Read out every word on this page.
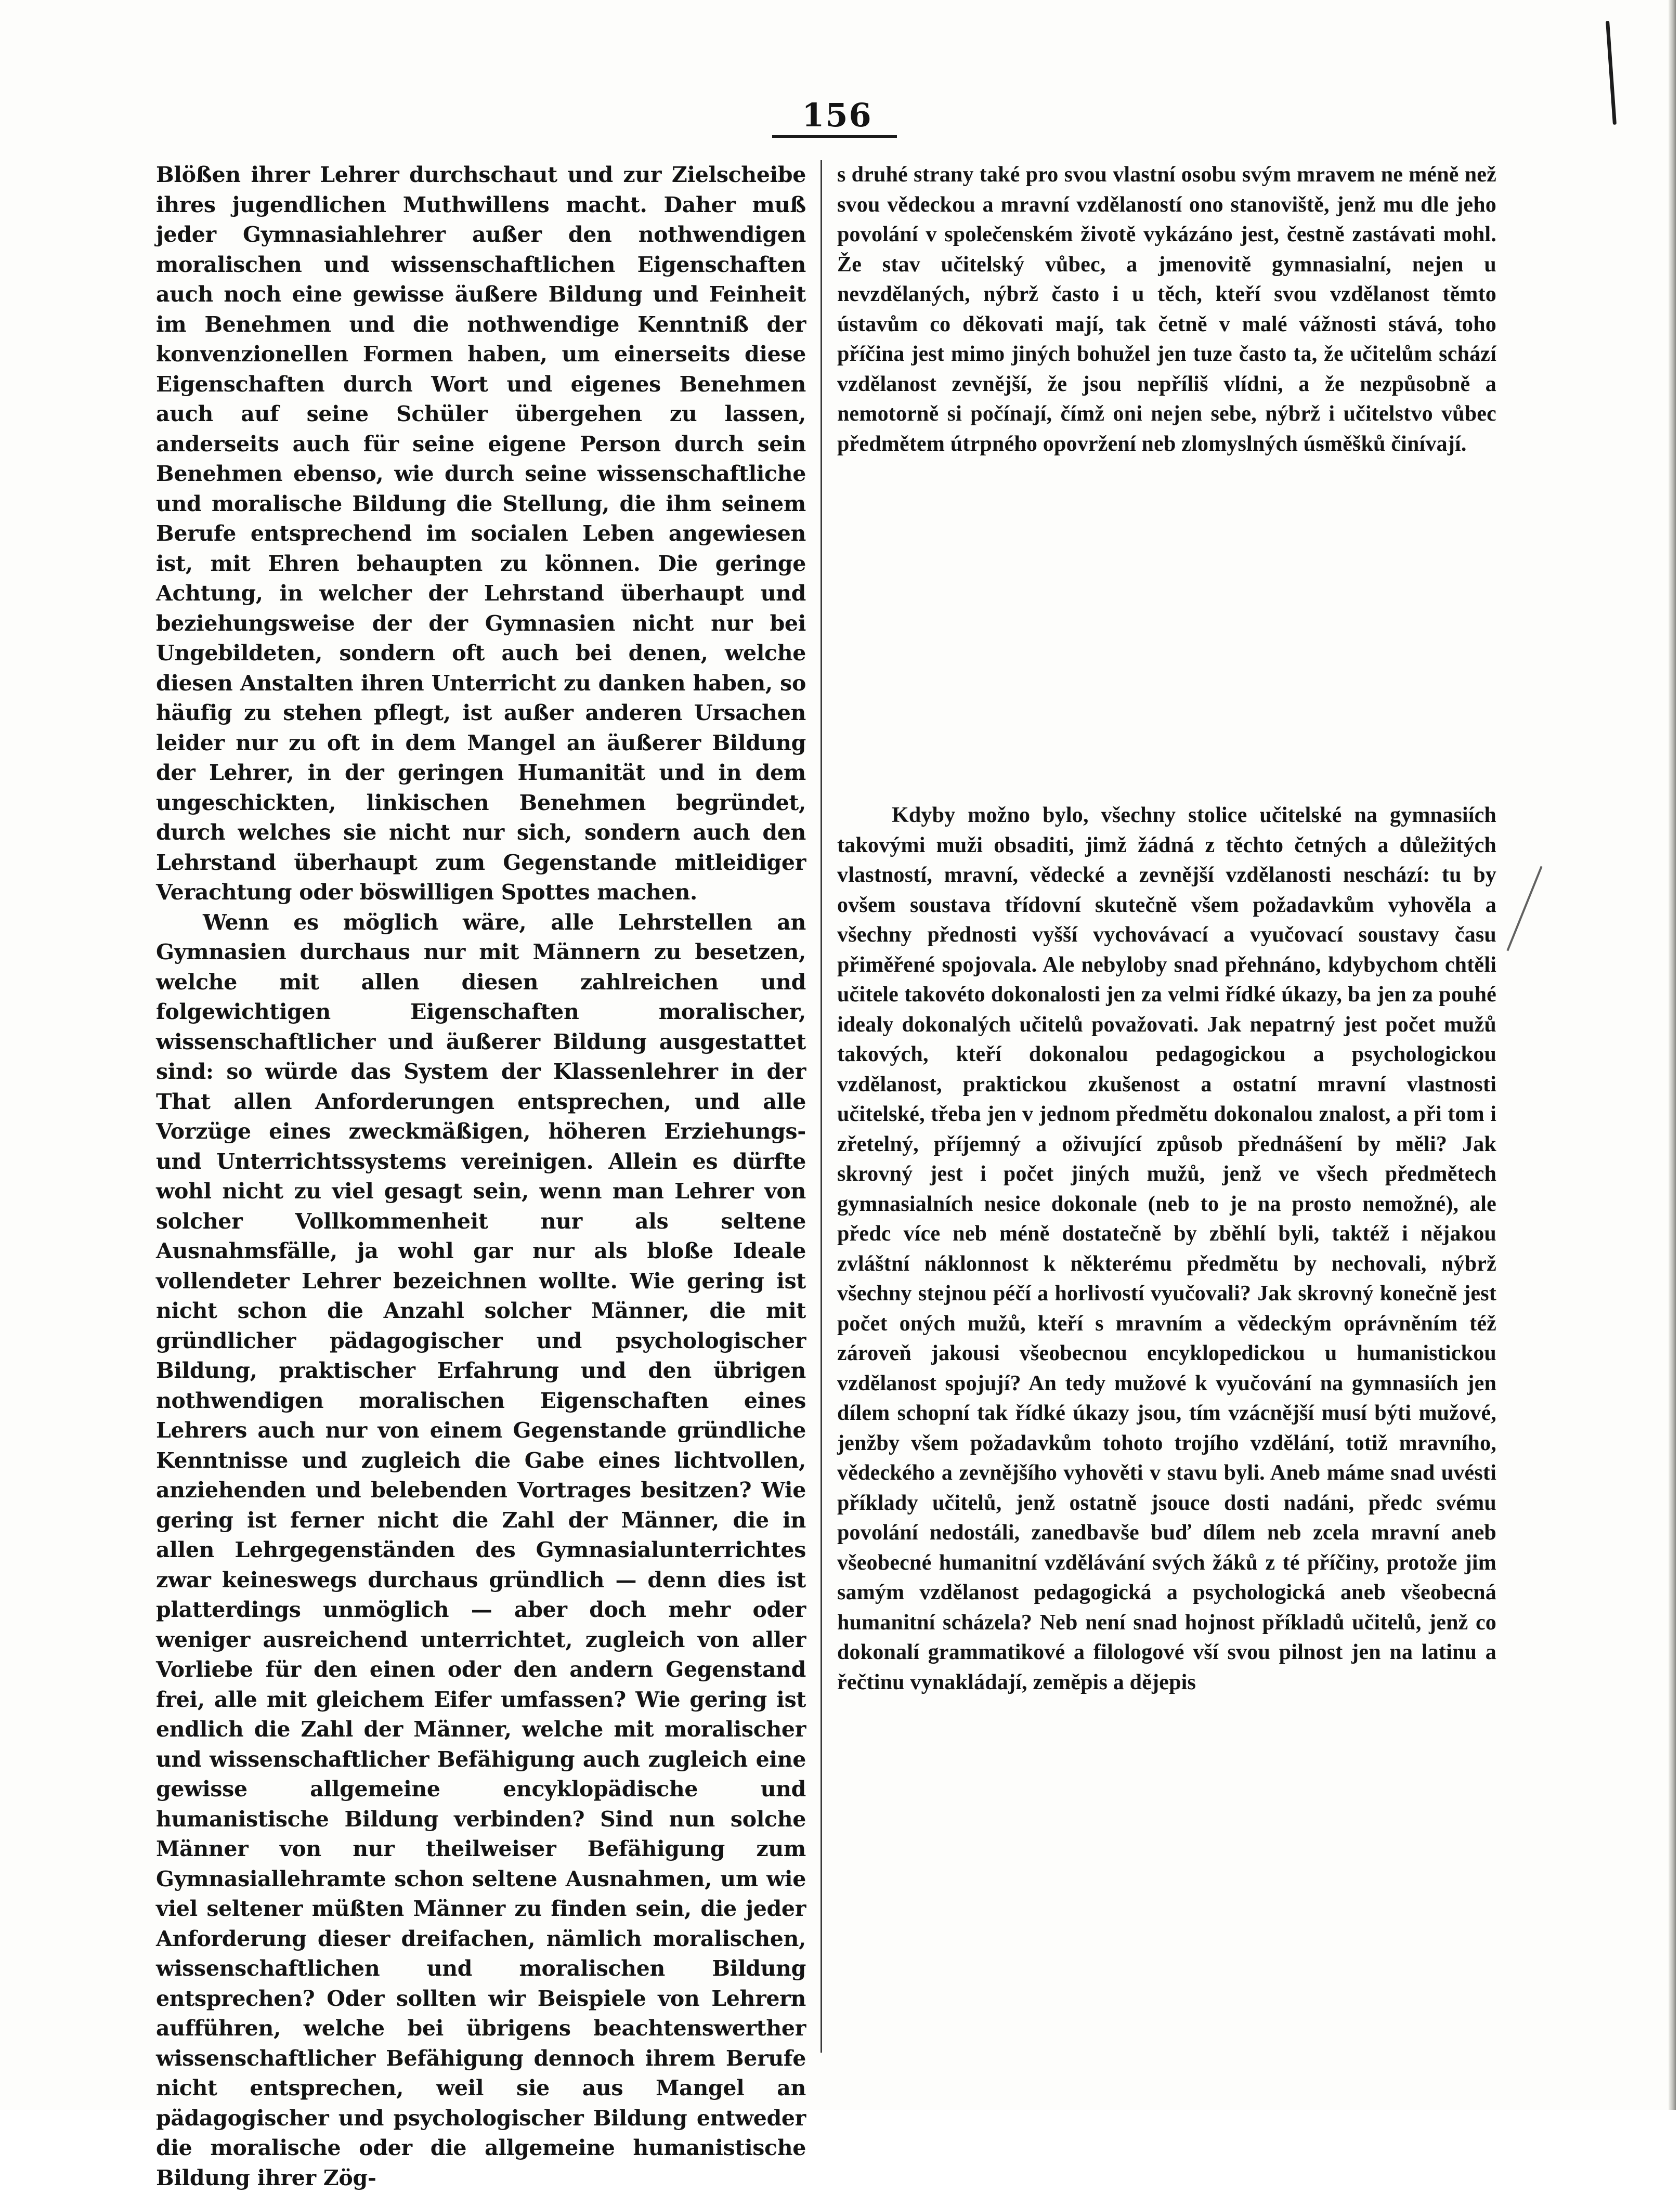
156

Blößen ihrer Lehrer durchschaut und zur Zielscheibe ihres jugendlichen Muthwillens macht. Daher muß jeder Gymnasiahlehrer außer den nothwendigen moralischen und wissenschaftlichen Eigenschaften auch noch eine gewisse äußere Bildung und Feinheit im Benehmen und die nothwendige Kenntniß der konvenzionellen Formen haben, um einerseits diese Eigenschaften durch Wort und eigenes Benehmen auch auf seine Schüler übergehen zu lassen, anderseits auch für seine eigene Person durch sein Benehmen ebenso, wie durch seine wissenschaftliche und moralische Bildung die Stellung, die ihm seinem Berufe entsprechend im socialen Leben angewiesen ist, mit Ehren behaupten zu können. Die geringe Achtung, in welcher der Lehrstand überhaupt und beziehungsweise der der Gymnasien nicht nur bei Ungebildeten, sondern oft auch bei denen, welche diesen Anstalten ihren Unterricht zu danken haben, so häufig zu stehen pflegt, ist außer anderen Ursachen leider nur zu oft in dem Mangel an äußerer Bildung der Lehrer, in der geringen Humanität und in dem ungeschickten, linkischen Benehmen begründet, durch welches sie nicht nur sich, sondern auch den Lehrstand überhaupt zum Gegenstande mitleidiger Verachtung oder böswilligen Spottes machen.

Wenn es möglich wäre, alle Lehrstellen an Gymnasien durchaus nur mit Männern zu besetzen, welche mit allen diesen zahlreichen und folgewichtigen Eigenschaften moralischer, wissenschaftlicher und äußerer Bildung ausgestattet sind: so würde das System der Klassenlehrer in der That allen Anforderungen entsprechen, und alle Vorzüge eines zweckmäßigen, höheren Erziehungs- und Unterrichtssystems vereinigen. Allein es dürfte wohl nicht zu viel gesagt sein, wenn man Lehrer von solcher Vollkommenheit nur als seltene Ausnahmsfälle, ja wohl gar nur als bloße Ideale vollendeter Lehrer bezeichnen wollte. Wie gering ist nicht schon die Anzahl solcher Männer, die mit gründlicher pädagogischer und psychologischer Bildung, praktischer Erfahrung und den übrigen nothwendigen moralischen Eigenschaften eines Lehrers auch nur von einem Gegenstande gründliche Kenntnisse und zugleich die Gabe eines lichtvollen, anziehenden und belebenden Vortrages besitzen? Wie gering ist ferner nicht die Zahl der Männer, die in allen Lehrgegenständen des Gymnasialunterrichtes zwar keineswegs durchaus gründlich — denn dies ist platterdings unmöglich — aber doch mehr oder weniger ausreichend unterrichtet, zugleich von aller Vorliebe für den einen oder den andern Gegenstand frei, alle mit gleichem Eifer umfassen? Wie gering ist endlich die Zahl der Männer, welche mit moralischer und wissenschaftlicher Befähigung auch zugleich eine gewisse allgemeine encyklopädische und humanistische Bildung verbinden? Sind nun solche Männer von nur theilweiser Befähigung zum Gymnasiallehramte schon seltene Ausnahmen, um wie viel seltener müßten Männer zu finden sein, die jeder Anforderung dieser dreifachen, nämlich moralischen, wissenschaftlichen und moralischen Bildung entsprechen? Oder sollten wir Beispiele von Lehrern aufführen, welche bei übrigens beachtenswerther wissenschaftlicher Befähigung dennoch ihrem Berufe nicht entsprechen, weil sie aus Mangel an pädagogischer und psychologischer Bildung entweder die moralische oder die allgemeine humanistische Bildung ihrer Zög-

s druhé strany také pro svou vlastní osobu svým mravem ne méně než svou vědeckou a mravní vzdělaností ono stanoviště, jenž mu dle jeho povolání v společenském životě vykázáno jest, čestně zastávati mohl. Že stav učitelský vůbec, a jmenovitě gymnasialní, nejen u nevzdělaných, nýbrž často i u těch, kteří svou vzdělanost těmto ústavům co děkovati mají, tak četně v malé vážnosti stává, toho příčina jest mimo jiných bohužel jen tuze často ta, že učitelům schází vzdělanost zevnější, že jsou nepříliš vlídni, a že nezpůsobně a nemotorně si počínají, čímž oni nejen sebe, nýbrž i učitelstvo vůbec předmětem útrpného opovržení neb zlomyslných úsměšků činívají.

Kdyby možno bylo, všechny stolice učitelské na gymnasiích takovými muži obsaditi, jimž žádná z těchto četných a důležitých vlastností, mravní, vědecké a zevnější vzdělanosti neschází: tu by ovšem soustava třídovní skutečně všem požadavkům vyhověla a všechny přednosti vyšší vychovávací a vyučovací soustavy času přiměřené spojovala. Ale nebyloby snad přehnáno, kdybychom chtěli učitele takovéto dokonalosti jen za velmi řídké úkazy, ba jen za pouhé idealy dokonalých učitelů považovati. Jak nepatrný jest počet mužů takových, kteří dokonalou pedagogickou a psychologickou vzdělanost, praktickou zkušenost a ostatní mravní vlastnosti učitelské, třeba jen v jednom předmětu dokonalou znalost, a při tom i zřetelný, příjemný a oživující způsob přednášení by měli? Jak skrovný jest i počet jiných mužů, jenž ve všech předmětech gymnasialních nesice dokonale (neb to je na prosto nemožné), ale předc více neb méně dostatečně by zběhlí byli, taktéž i nějakou zvláštní náklonnost k některému předmětu by nechovali, nýbrž všechny stejnou péčí a horlivostí vyučovali? Jak skrovný konečně jest počet oných mužů, kteří s mravním a vědeckým oprávněním též zároveň jakousi všeobecnou encyklopedickou u humanistickou vzdělanost spojují? An tedy mužové k vyučování na gymnasiích jen dílem schopní tak řídké úkazy jsou, tím vzácnější musí býti mužové, jenžby všem požadavkům tohoto trojího vzdělání, totiž mravního, vědeckého a zevnějšího vyhověti v stavu byli. Aneb máme snad uvésti příklady učitelů, jenž ostatně jsouce dosti nadáni, předc svému povolání nedostáli, zanedbavše buď dílem neb zcela mravní aneb všeobecné humanitní vzdělávání svých žáků z té příčiny, protože jim samým vzdělanost pedagogická a psychologická aneb všeobecná humanitní scházela? Neb není snad hojnost příkladů učitelů, jenž co dokonalí grammatikové a filologové vší svou pilnost jen na latinu a řečtinu vynakládají, zeměpis a dějepis
